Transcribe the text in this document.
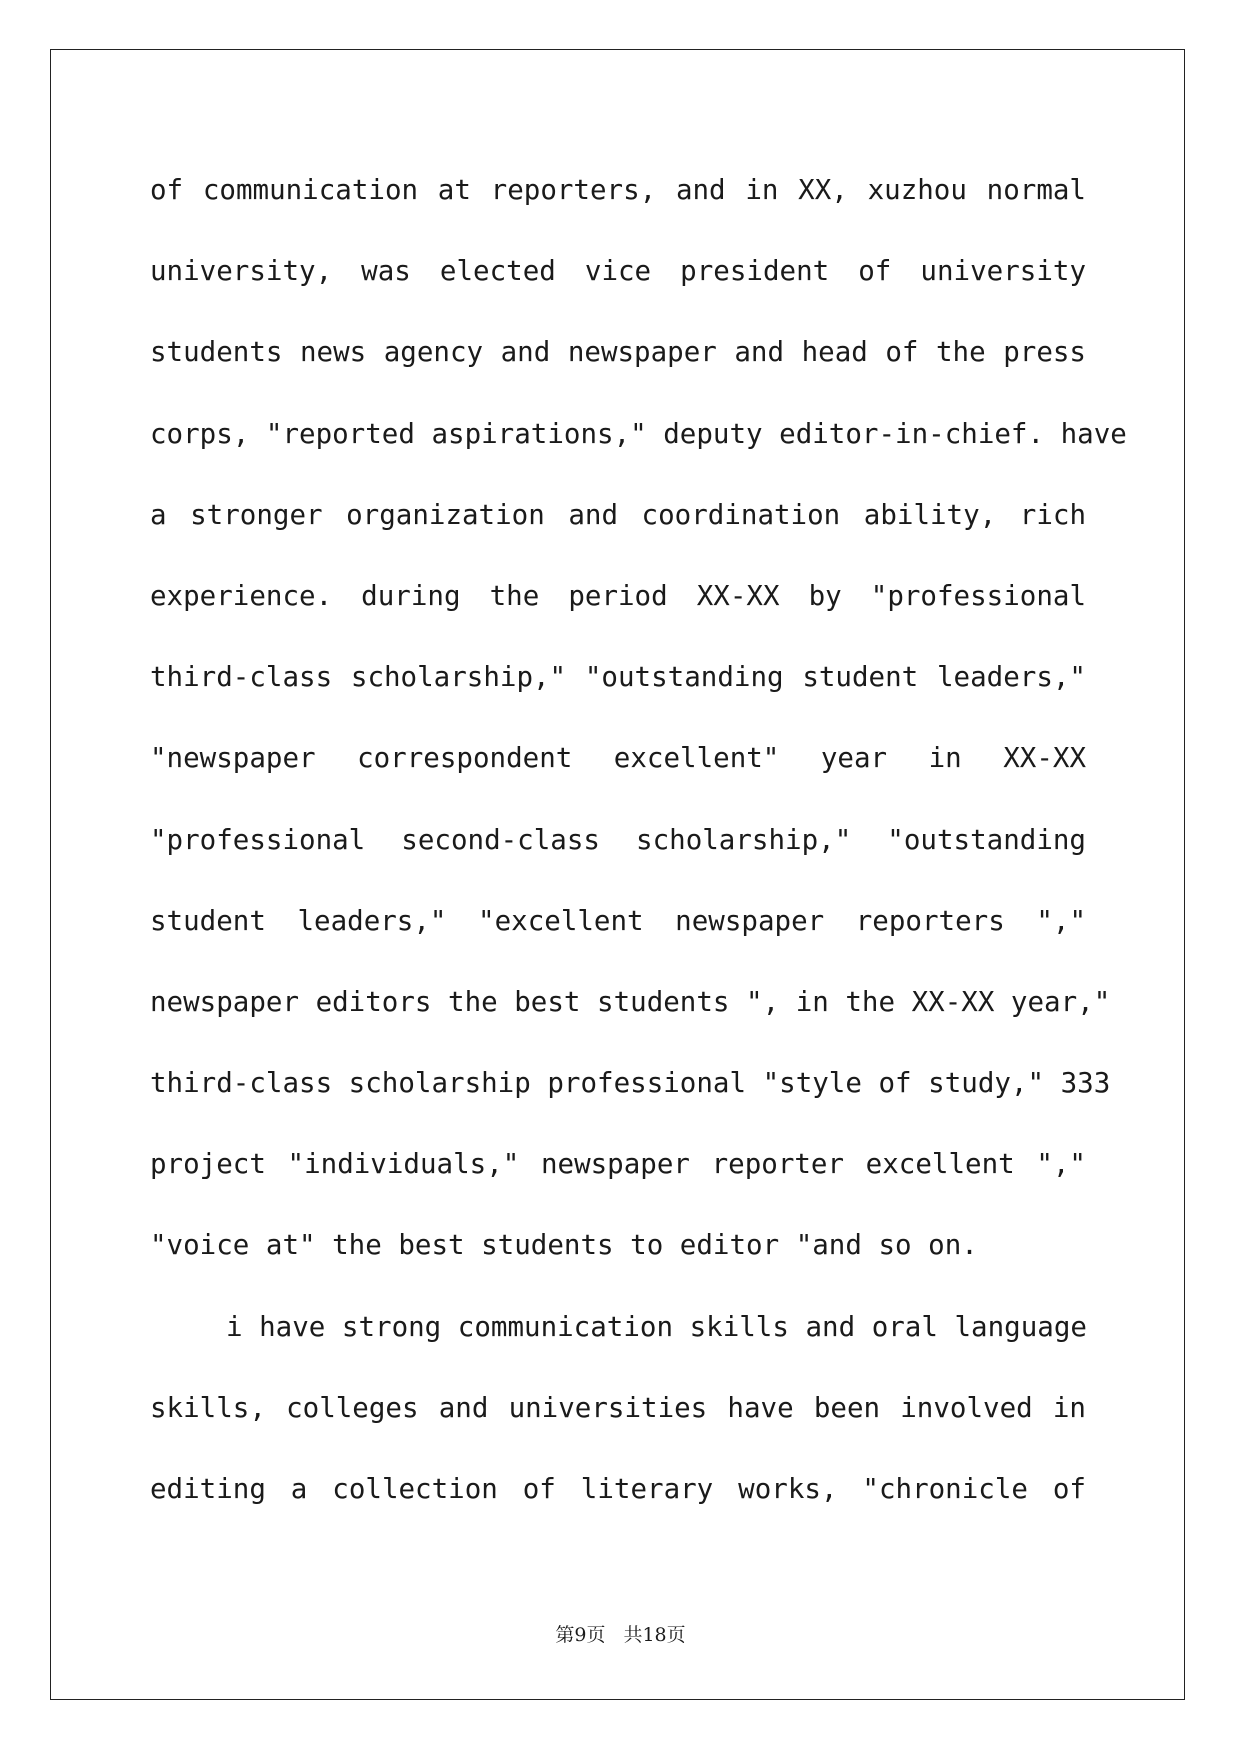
of communication at reporters, and in XX, xuzhou normal
university, was elected vice president of university
students news agency and newspaper and head of the press
corps, "reported aspirations," deputy editor-in-chief. have
a stronger organization and coordination ability, rich
experience. during the period XX-XX by "professional
third-class scholarship," "outstanding student leaders,"
"newspaper correspondent excellent" year in XX-XX
"professional second-class scholarship," "outstanding
student leaders," "excellent newspaper reporters ","
newspaper editors the best students ", in the XX-XX year,"
third-class scholarship professional "style of study," 333
project "individuals," newspaper reporter excellent ","
"voice at" the best students to editor "and so on.
i have strong communication skills and oral language
skills, colleges and universities have been involved in
editing a collection of literary works, "chronicle of
第9页 共18页
